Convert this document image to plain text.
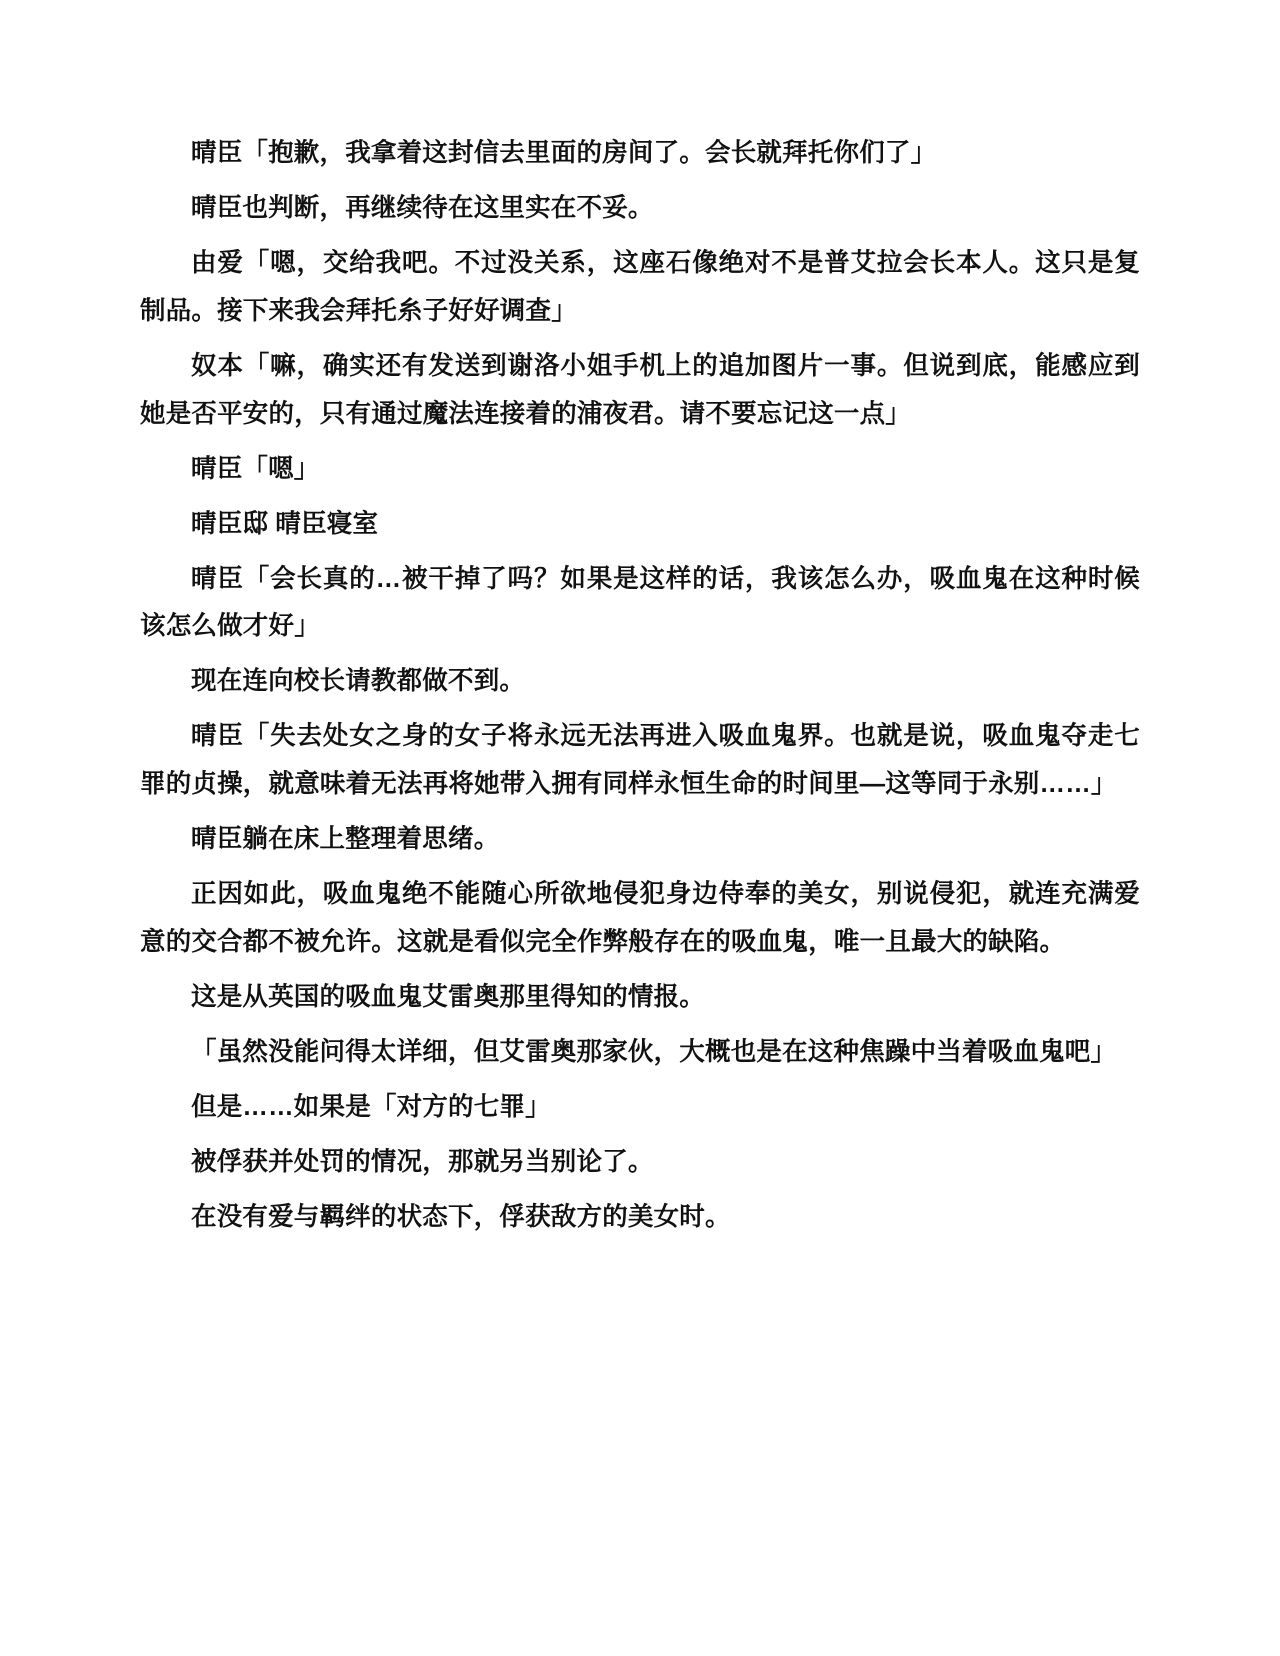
晴臣「抱歉，我拿着这封信去里面的房间了。会长就拜托你们了」

晴臣也判断，再继续待在这里实在不妥。

由爱「嗯，交给我吧。不过没关系，这座石像绝对不是普艾拉会长本人。这只是复制品。接下来我会拜托糸子好好调查」

奴本「嘛，确实还有发送到谢洛小姐手机上的追加图片一事。但说到底，能感应到她是否平安的，只有通过魔法连接着的浦夜君。请不要忘记这一点」

晴臣「嗯」

晴臣邸 晴臣寝室

晴臣「会长真的…被干掉了吗？如果是这样的话，我该怎么办，吸血鬼在这种时候该怎么做才好」

现在连向校长请教都做不到。

晴臣「失去处女之身的女子将永远无法再进入吸血鬼界。也就是说，吸血鬼夺走七罪的贞操，就意味着无法再将她带入拥有同样永恒生命的时间里—这等同于永别……」

晴臣躺在床上整理着思绪。

正因如此，吸血鬼绝不能随心所欲地侵犯身边侍奉的美女，别说侵犯，就连充满爱意的交合都不被允许。这就是看似完全作弊般存在的吸血鬼，唯一且最大的缺陷。

这是从英国的吸血鬼艾雷奥那里得知的情报。

「虽然没能问得太详细，但艾雷奥那家伙，大概也是在这种焦躁中当着吸血鬼吧」

但是……如果是「对方的七罪」

被俘获并处罚的情况，那就另当别论了。

在没有爱与羁绊的状态下，俘获敌方的美女时。
